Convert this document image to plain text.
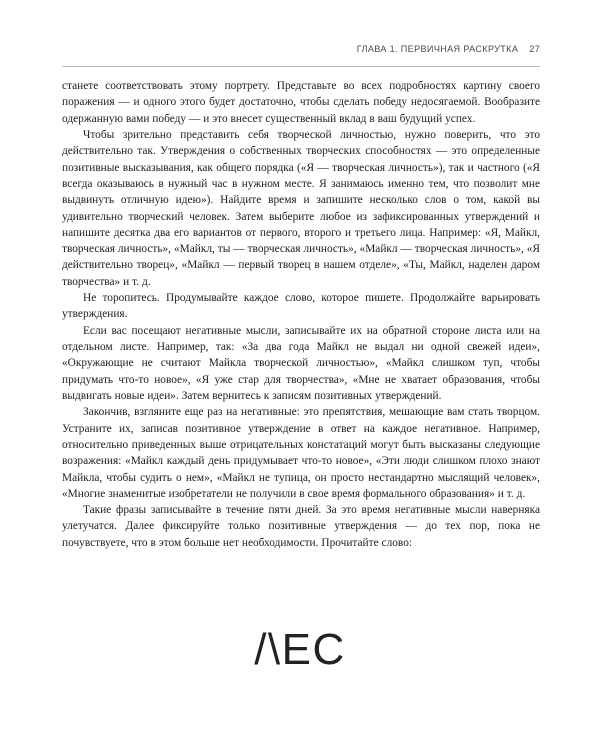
ГЛАВА 1. ПЕРВИЧНАЯ РАСКРУТКА 27

станете соответствовать этому портрету. Представьте во всех подробностях картину своего поражения — и одного этого будет достаточно, чтобы сделать победу недосягаемой. Вообразите одержанную вами победу — и это внесет существенный вклад в ваш будущий успех.

Чтобы зрительно представить себя творческой личностью, нужно поверить, что это действительно так. Утверждения о собственных творческих способностях — это определенные позитивные высказывания, как общего порядка («Я — творческая личность»), так и частного («Я всегда оказываюсь в нужный час в нужном месте. Я занимаюсь именно тем, что позволит мне выдвинуть отличную идею»). Найдите время и запишите несколько слов о том, какой вы удивительно творческий человек. Затем выберите любое из зафиксированных утверждений и напишите десятка два его вариантов от первого, второго и третьего лица. Например: «Я, Майкл, творческая личность», «Майкл, ты — творческая личность», «Майкл — творческая личность», «Я действительно творец», «Майкл — первый творец в нашем отделе», «Ты, Майкл, наделен даром творчества» и т. д.

Не торопитесь. Продумывайте каждое слово, которое пишете. Продолжайте варьировать утверждения.

Если вас посещают негативные мысли, записывайте их на обратной стороне листа или на отдельном листе. Например, так: «За два года Майкл не выдал ни одной свежей идеи», «Окружающие не считают Майкла творческой личностью», «Майкл слишком туп, чтобы придумать что-то новое», «Я уже стар для творчества», «Мне не хватает образования, чтобы выдвигать новые идеи». Затем вернитесь к записям позитивных утверждений.

Закончив, взгляните еще раз на негативные: это препятствия, мешающие вам стать творцом. Устраните их, записав позитивное утверждение в ответ на каждое негативное. Например, относительно приведенных выше отрицательных констатаций могут быть высказаны следующие возражения: «Майкл каждый день придумывает что-то новое», «Эти люди слишком плохо знают Майкла, чтобы судить о нем», «Майкл не тупица, он просто нестандартно мыслящий человек», «Многие знаменитые изобретатели не получили в свое время формального образования» и т. д.

Такие фразы записывайте в течение пяти дней. За это время негативные мысли наверняка улетучатся. Далее фиксируйте только позитивные утверждения — до тех пор, пока не почувствуете, что в этом больше нет необходимости. Прочитайте слово:

/\EC
